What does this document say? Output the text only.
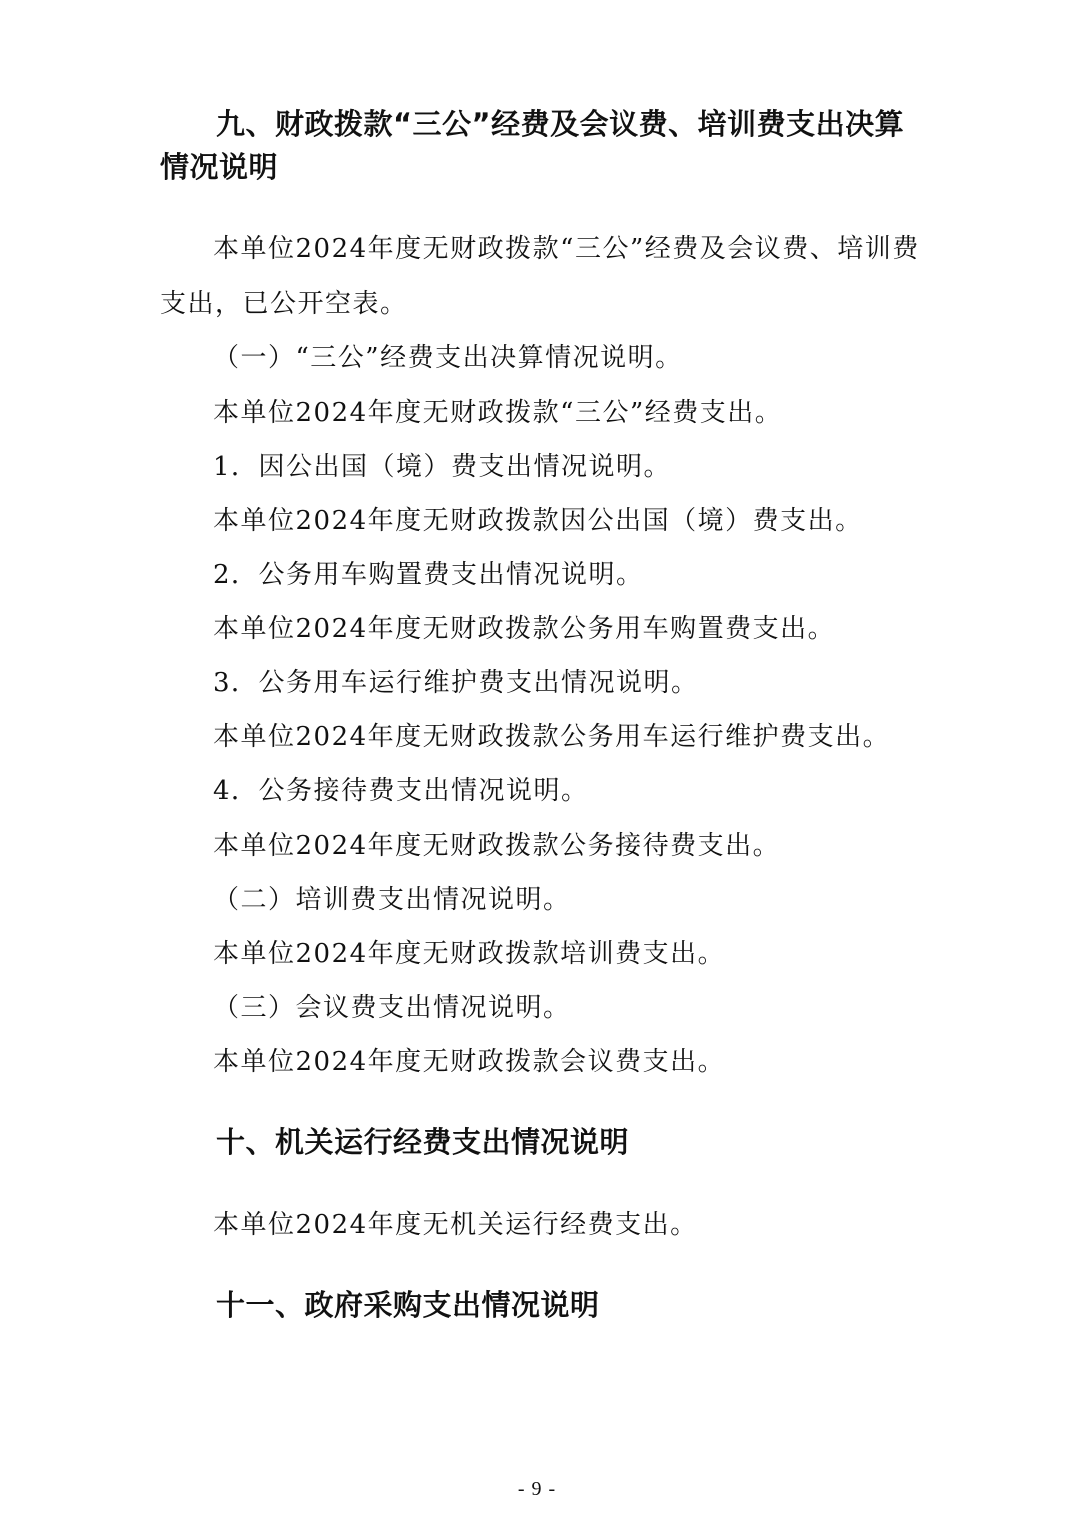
九、财政拨款“三公”经费及会议费、培训费支出决算

情况说明

本单位2024年度无财政拨款“三公”经费及会议费、培训费

支出，已公开空表。

（一）“三公”经费支出决算情况说明。

本单位2024年度无财政拨款“三公”经费支出。

1．因公出国（境）费支出情况说明。

本单位2024年度无财政拨款因公出国（境）费支出。

2．公务用车购置费支出情况说明。

本单位2024年度无财政拨款公务用车购置费支出。

3．公务用车运行维护费支出情况说明。

本单位2024年度无财政拨款公务用车运行维护费支出。

4．公务接待费支出情况说明。

本单位2024年度无财政拨款公务接待费支出。

（二）培训费支出情况说明。

本单位2024年度无财政拨款培训费支出。

（三）会议费支出情况说明。

本单位2024年度无财政拨款会议费支出。

十、机关运行经费支出情况说明

本单位2024年度无机关运行经费支出。

十一、政府采购支出情况说明

- 9 -
